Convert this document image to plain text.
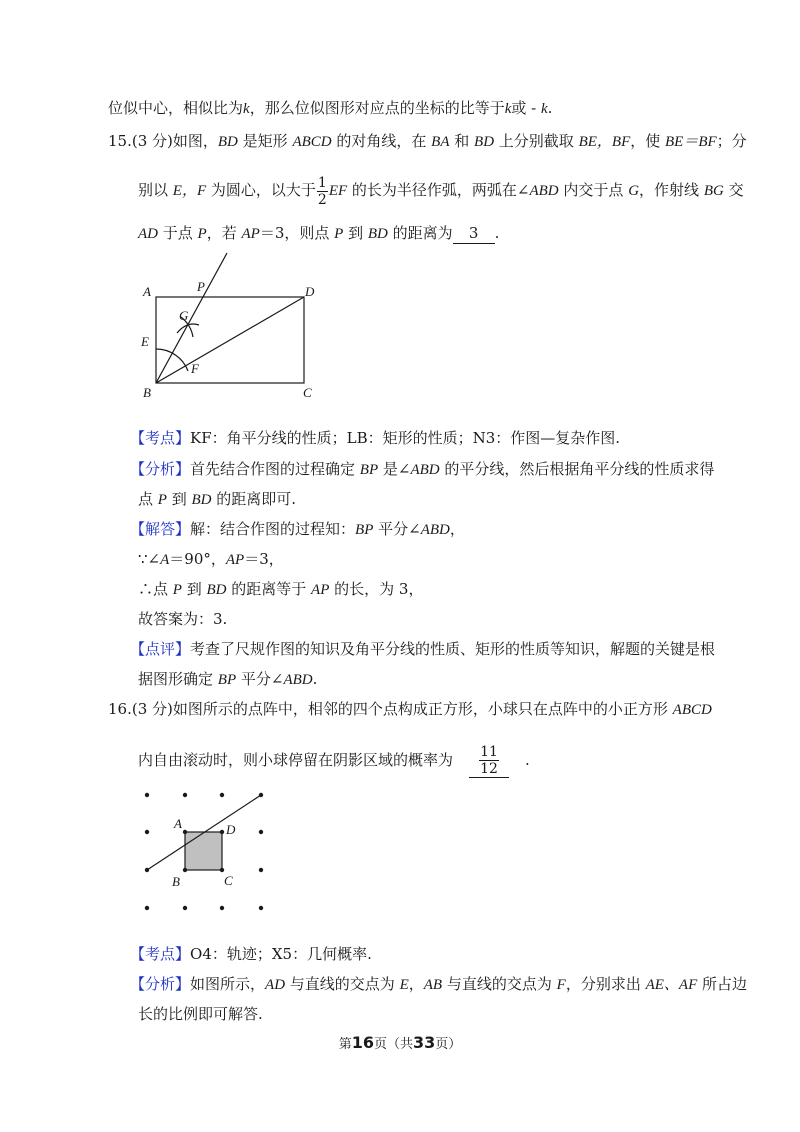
位似中心，相似比为k，那么位似图形对应点的坐标的比等于k或 - k.
15.(3 分)如图，BD 是矩形 ABCD 的对角线，在 BA 和 BD 上分别截取 BE，BF，使 BE＝BF；分
别以 E，F 为圆心，以大于 $\frac{1}{2}$ EF 的长为半径作弧，两弧在∠ABD 内交于点 G，作射线 BG 交
AD 于点 P，若 AP＝3，则点 P 到 BD 的距离为 3 .
A	P	D
G
E
F
B	C
【考点】KF：角平分线的性质；LB：矩形的性质；N3：作图—复杂作图.
【分析】首先结合作图的过程确定 BP 是∠ABD 的平分线，然后根据角平分线的性质求得
点 P 到 BD 的距离即可.
【解答】解：结合作图的过程知：BP 平分∠ABD，
∵∠A＝90°，AP＝3，
∴点 P 到 BD 的距离等于 AP 的长，为 3，
故答案为：3.
【点评】考查了尺规作图的知识及角平分线的性质、矩形的性质等知识，解题的关键是根
据图形确定 BP 平分∠ABD.
16.(3 分)如图所示的点阵中，相邻的四个点构成正方形，小球只在点阵中的小正方形 ABCD
内自由滚动时，则小球停留在阴影区域的概率为 $\frac{11}{12}$ .
A	D
B	C
【考点】O4：轨迹；X5：几何概率.
【分析】如图所示，AD 与直线的交点为 E，AB 与直线的交点为 F，分别求出 AE、AF 所占边
长的比例即可解答.
第16页（共33页）
